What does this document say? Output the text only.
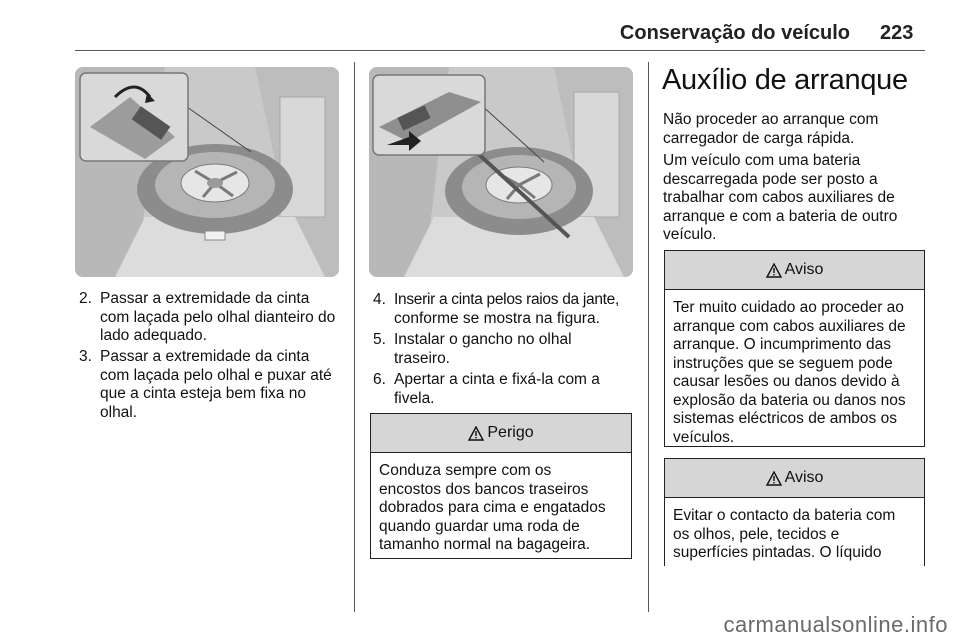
Conservação do veículo 223
2. Passar a extremidade da cinta
com laçada pelo olhal dianteiro do
lado adequado.
3. Passar a extremidade da cinta
com laçada pelo olhal e puxar até
que a cinta esteja bem fixa no
olhal.
4. Inserir a cinta pelos raios da jante,
conforme se mostra na figura.
5. Instalar o gancho no olhal
traseiro.
6. Apertar a cinta e fixá-la com a
fivela.
Perigo
Conduza sempre com os
encostos dos bancos traseiros
dobrados para cima e engatados
quando guardar uma roda de
tamanho normal na bagageira.
Auxílio de arranque
Não proceder ao arranque com
carregador de carga rápida.
Um veículo com uma bateria
descarregada pode ser posto a
trabalhar com cabos auxiliares de
arranque e com a bateria de outro
veículo.
Aviso
Ter muito cuidado ao proceder ao
arranque com cabos auxiliares de
arranque. O incumprimento das
instruções que se seguem pode
causar lesões ou danos devido à
explosão da bateria ou danos nos
sistemas eléctricos de ambos os
veículos.
Aviso
Evitar o contacto da bateria com
os olhos, pele, tecidos e
superfícies pintadas. O líquido
carmanualsonline.info
